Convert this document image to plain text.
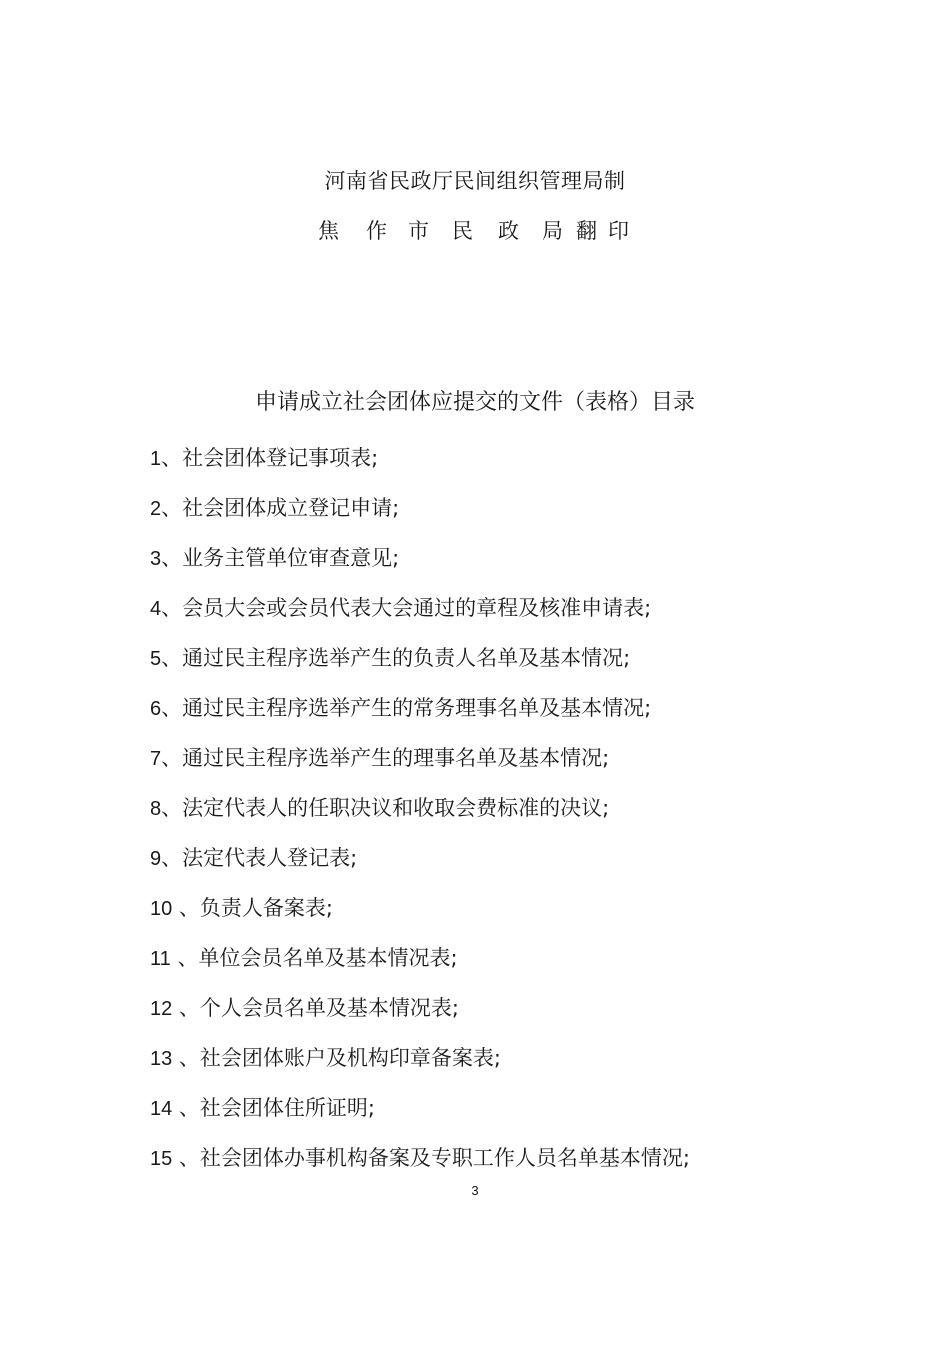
河南省民政厅民间组织管理局制
焦 作 市 民 政 局 翻 印
申请成立社会团体应提交的文件（表格）目录
1、社会团体登记事项表;
2、社会团体成立登记申请;
3、业务主管单位审查意见;
4、会员大会或会员代表大会通过的章程及核准申请表;
5、通过民主程序选举产生的负责人名单及基本情况;
6、通过民主程序选举产生的常务理事名单及基本情况;
7、通过民主程序选举产生的理事名单及基本情况;
8、法定代表人的任职决议和收取会费标准的决议;
9、法定代表人登记表;
10 、负责人备案表;
11 、单位会员名单及基本情况表;
12 、个人会员名单及基本情况表;
13 、社会团体账户及机构印章备案表;
14 、社会团体住所证明;
15 、社会团体办事机构备案及专职工作人员名单基本情况;
3
